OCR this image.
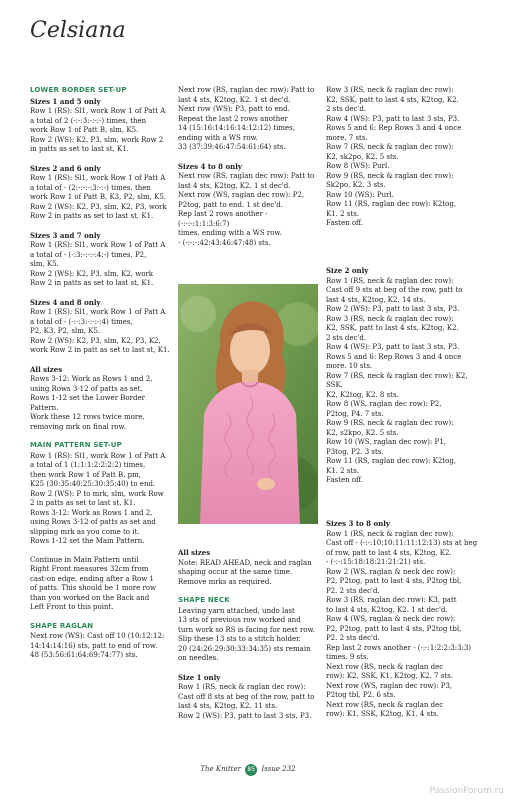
Celsiana

LOWER BORDER SET-UP

Sizes 1 and 5 only

Row 1 (RS): Sl1, work Row 1 of Patt A

a total of 2 (-:-:3:-:-:-) times, then

work Row 1 of Patt B, slm, K5.

Row 2 (WS): K2, P3, slm, work Row 2

in patts as set to last st, K1.

Sizes 2 and 6 only

Row 1 (RS): Sl1, work Row 1 of Patt A

a total of - (2:-:-:-:3:-:-) times, then

work Row 1 of Patt B, K3, P2, slm, K5.

Row 2 (WS): K2, P3, slm, K2, P3, work

Row 2 in patts as set to last st, K1.

Sizes 3 and 7 only

Row 1 (RS): Sl1, work Row 1 of Patt A

a total of - (-:3:-:-:-:4:-) times, P2,

slm, K5.

Row 2 (WS): K2, P3, slm, K2, work

Row 2 in patts as set to last st, K1.

Sizes 4 and 8 only

Row 1 (RS): Sl1, work Row 1 of Patt A

a total of - (-:-:3:-:-:-:4) times,

P2, K3, P2, slm, K5.

Row 2 (WS): K2, P3, slm, K2, P3, K2,

work Row 2 in patt as set to last st, K1.

All sizes

Rows 3-12: Work as Rows 1 and 2,

using Rows 3-12 of patts as set.

Rows 1-12 set the Lower Border

Pattern.

Work these 12 rows twice more,

removing mrk on final row.

MAIN PATTERN SET-UP

Row 1 (RS): Sl1, work Row 1 of Patt A

a total of 1 (1:1:1:2:2:2:2) times,

then work Row 1 of Patt B, pm,

K25 (30:35:40:25:30:35:40) to end.

Row 2 (WS): P to mrk, slm, work Row

2 in patts as set to last st, K1.

Rows 3-12: Work as Rows 1 and 2,

using Rows 3-12 of patts as set and

slipping mrk as you come to it.

Rows 1-12 set the Main Pattern.

Continue in Main Pattern until

Right Front measures 32cm from

cast-on edge, ending after a Row 1

of patts. This should be 1 more row

than you worked on the Back and

Left Front to this point.

SHAPE RAGLAN

Next row (WS): Cast off 10 (10:12:12:

14:14:14:16) sts, patt to end of row.

48 (53:56:61:64:69:74:77) sts.

Next row (RS, raglan dec row): Patt to

last 4 sts, K2tog, K2. 1 st dec'd.

Next row (WS): P3, patt to end.

Repeat the last 2 rows another

14 (15:16:14:16:14:12:12) times,

ending with a WS row.

33 (37:39:46:47:54:61:64) sts.

Sizes 4 to 8 only

Next row (RS, raglan dec row): Patt to

last 4 sts, K2tog, K2. 1 st dec'd.

Next row (WS, raglan dec row): P2,

P2tog, patt to end. 1 st dec'd.

Rep last 2 rows another - (-:-:-:1:1:3:6:7)

times, ending with a WS row.

- (-:-:-:42:43:46:47:48) sts.

All sizes

Note: READ AHEAD, neck and raglan

shaping occur at the same time.

Remove mrks as required.

SHAPE NECK

Leaving yarn attached, undo last

13 sts of previous row worked and

turn work so RS is facing for next row.

Slip these 13 sts to a stitch holder.

20 (24:26:29:30:33:34:35) sts remain

on needles.

Size 1 only

Row 1 (RS, neck & raglan dec row):

Cast off 8 sts at beg of the row, patt to

last 4 sts, K2tog, K2. 11 sts.

Row 2 (WS): P3, patt to last 3 sts, P3.

Row 3 (RS, neck & raglan dec row):

K2, SSK, patt to last 4 sts, K2tog, K2.

2 sts dec'd.

Row 4 (WS): P3, patt to last 3 sts, P3.

Rows 5 and 6: Rep Rows 3 and 4 once

more. 7 sts.

Row 7 (RS, neck & raglan dec row):

K2, sk2po, K2. 5 sts.

Row 8 (WS): Purl.

Row 9 (RS, neck & raglan dec row):

Sk2po, K2. 3 sts.

Row 10 (WS): Purl.

Row 11 (RS, raglan dec row): K2tog,

K1. 2 sts.

Fasten off.

Size 2 only

Row 1 (RS, neck & raglan dec row):

Cast off 9 sts at beg of the row, patt to

last 4 sts, K2tog, K2. 14 sts.

Row 2 (WS): P3, patt to last 3 sts, P3.

Row 3 (RS, neck & raglan dec row):

K2, SSK, patt to last 4 sts, K2tog, K2.

2 sts dec'd.

Row 4 (WS): P3, patt to last 3 sts, P3.

Rows 5 and 6: Rep Rows 3 and 4 once

more. 10 sts.

Row 7 (RS, neck & raglan dec row): K2, SSK,

K2, K2tog, K2. 8 sts.

Row 8 (WS, raglan dec row): P2,

P2tog, P4. 7 sts.

Row 9 (RS, neck & raglan dec row):

K2, s2kpo, K2. 5 sts.

Row 10 (WS, raglan dec row): P1,

P3tog, P2. 3 sts.

Row 11 (RS, raglan dec row): K2tog,

K1. 2 sts.

Fasten off.

Sizes 3 to 8 only

Row 1 (RS, neck & raglan dec row):

Cast off - (-:-:10:10:11:11:12:13) sts at beg

of row, patt to last 4 sts, K2tog, K2.

- (-:-:15:18:18:21:21:21) sts.

Row 2 (WS, raglan & neck dec row):

P2, P2tog, patt to last 4 sts, P2tog tbl,

P2. 2 sts dec'd.

Row 3 (RS, raglan dec row): K3, patt

to last 4 sts, K2tog, K2. 1 st dec'd.

Row 4 (WS, raglan & neck dec row):

P2, P2tog, patt to last 4 sts, P2tog tbl,

P2. 2 sts dec'd.

Rep last 2 rows another - (-:-:1:2:2:3:3:3)

times. 9 sts.

Next row (RS, neck & raglan dec

row): K2, SSK, K1, K2tog, K2. 7 sts.

Next row (WS, raglan dec row): P3,

P2tog tbl, P2. 6 sts.

Next row (RS, neck & raglan dec

row): K1, SSK, K2tog, K1. 4 sts.

The Knitter 85 Issue 232
PassionForum.ru
